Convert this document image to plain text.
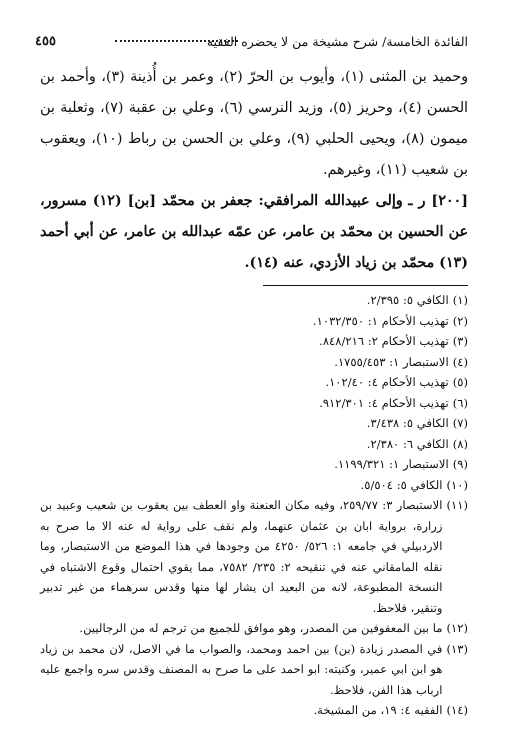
الفائدة الخامسة/ شرح مشيخة من لا يحضره الفقيه
٤٥٥

وحميد بن المثنى (١)، وأيوب بن الحرّ (٢)، وعمر بن أُذينة (٣)، وأحمد بن الحسن (٤)، وحريز (٥)، وزيد النرسي (٦)، وعلي بن عقبة (٧)، وثعلبة بن ميمون (٨)، ويحيى الحلبي (٩)، وعلي بن الحسن بن رباط (١٠)، ويعقوب بن شعيب (١١)، وغيرهم.

[٢٠٠] ر ـ وإلى عبيدالله المرافقي: جعفر بن محمّد [بن] (١٢) مسرور، عن الحسين بن محمّد بن عامر، عن عمّه عبدالله بن عامر، عن أبي أحمد (١٣) محمّد بن زياد الأزدي، عنه (١٤).

(١)
الكافي ٥: ٢/٣٩٥.
(٢)
تهذيب الأحكام ١: ١٠٣٢/٣٥٠.
(٣)
تهذيب الأحكام ٢: ٨٤٨/٢١٦.
(٤)
الاستبصار ١: ١٧٥٥/٤٥٣.
(٥)
تهذيب الأحكام ٤: ١٠٢/٤٠.
(٦)
تهذيب الأحكام ٤: ٩١٢/٣٠١.
(٧)
الكافي ٥: ٣/٤٣٨.
(٨)
الكافي ٦: ٢/٣٨٠.
(٩)
الاستبصار ١: ١١٩٩/٣٢١.
(١٠)
الكافي ٥: ٥/٥٠٤.
(١١)
الاستبصار ٣: ٢٥٩/٧٧، وفيه مكان العنعنة واو العطف بين يعقوب بن شعيب وعبيد بن زرارة، برواية ابان بن عثمان عنهما، ولم نقف على رواية له عنه الا ما صرح به الاردبيلي في جامعه ١: ٥٢٦/ ٤٢٥٠ من وجودها في هذا الموضع من الاستبصار، وما نقله المامقاني عنه في تنقيحه ٢: ٢٣٥/ ٧٥٨٢، مما يقوي احتمال وقوع الاشتباه في النسخة المطبوعة، لانه من البعيد ان يشار لها منها وقدس سرهماء من غير تدبير وتنقير، فلاحظ.
(١٢)
ما بين المعقوفين من المصدر، وهو موافق للجميع من ترجم له من الرجاليين.
(١٣)
في المصدر زيادة (بن) بين احمد ومحمد، والصواب ما في الاصل، لان محمد بن زياد هو ابن ابي عمير، وكنيته: ابو احمد على ما صرح به المصنف وقدس سره واجمع عليه ارباب هذا الفن، فلاحظ.
(١٤)
الفقيه ٤: ١٩، من المشيخة.
